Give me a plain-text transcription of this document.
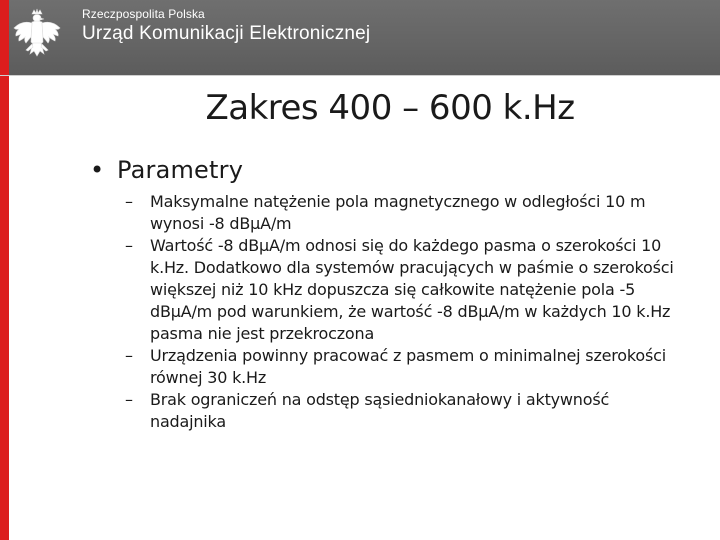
Rzeczpospolita Polska
Urząd Komunikacji Elektronicznej
Zakres 400 – 600 k.Hz
• Parametry
–	Maksymalne natężenie pola magnetycznego w odległości 10 m wynosi -8 dBμA/m
–	Wartość -8 dBμA/m odnosi się do każdego pasma o szerokości 10 k.Hz. Dodatkowo dla systemów pracujących w paśmie o szerokości większej niż 10 kHz dopuszcza się całkowite natężenie pola -5 dBμA/m pod warunkiem, że wartość -8 dBμA/m w każdych 10 k.Hz pasma nie jest przekroczona
–	Urządzenia powinny pracować z pasmem o minimalnej szerokości równej 30 k.Hz
–	Brak ograniczeń na odstęp sąsiedniokanałowy i aktywność nadajnika
